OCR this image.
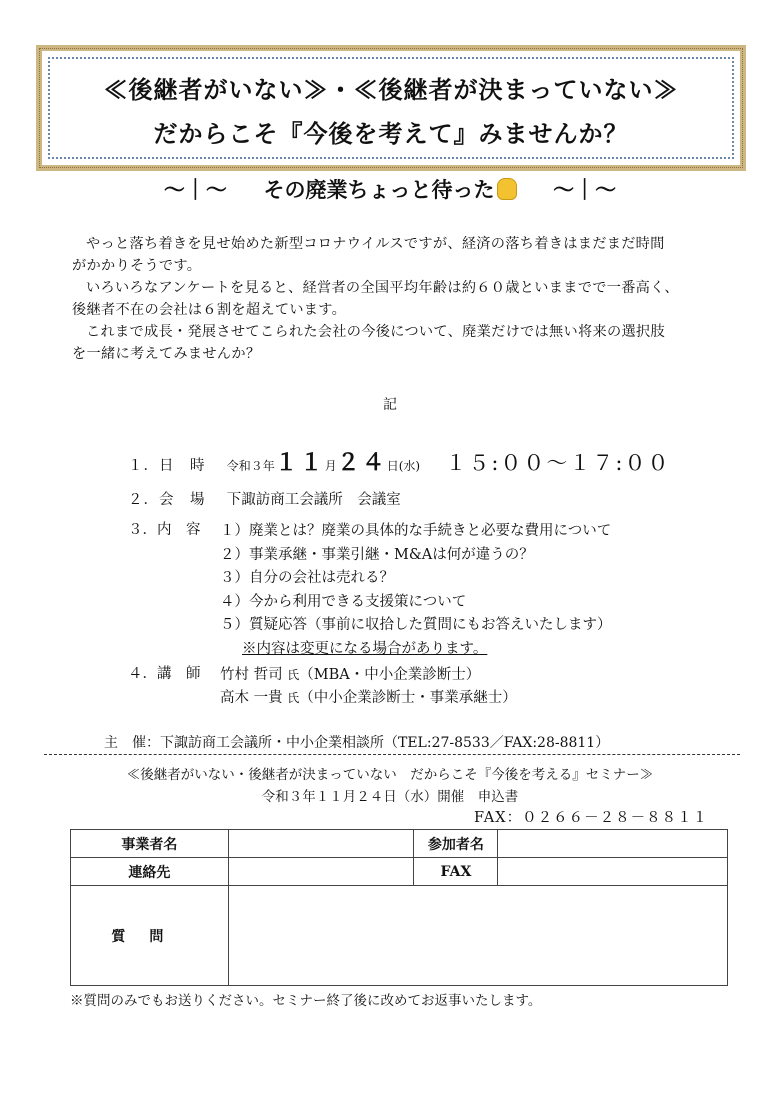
≪後継者がいない≫・≪後継者が決まっていない≫
だからこそ『今後を考えて』みませんか？
～｜～ その廃業ちょっと待った	～｜～
やっと落ち着きを見せ始めた新型コロナウイルスですが、経済の落ち着きはまだまだ時間
がかかりそうです。
いろいろなアンケートを見ると、経営者の全国平均年齢は約６０歳といままでで一番高く、
後継者不在の会社は６割を超えています。
これまで成長・発展させてこられた会社の今後について、廃業だけでは無い将来の選択肢
を一緒に考えてみませんか？
記
１．日　時 令和３年１１月２４日(水) １５:００～１７:００
２．会　場 下諏訪商工会議所　会議室
３．内　容 １）廃業とは？廃業の具体的な手続きと必要な費用について
２）事業承継・事業引継・M&Aは何が違うの？
３）自分の会社は売れる？
４）今から利用できる支援策について
５）質疑応答（事前に収拾した質問にもお答えいたします）
※内容は変更になる場合があります。
４．講　師 竹村 哲司 氏（MBA・中小企業診断士）
高木 一貴 氏（中小企業診断士・事業承継士）
主　催：下諏訪商工会議所・中小企業相談所（TEL:27-8533／FAX:28-8811）
≪後継者がいない・後継者が決まっていない　だからこそ『今後を考える』セミナー≫
令和３年１１月２４日（水）開催　申込書
FAX：０２６６－２８－８８１１
事業者名		参加者名	
連絡先		FAX	
質問			
※質問のみでもお送りください。セミナー終了後に改めてお返事いたします。
